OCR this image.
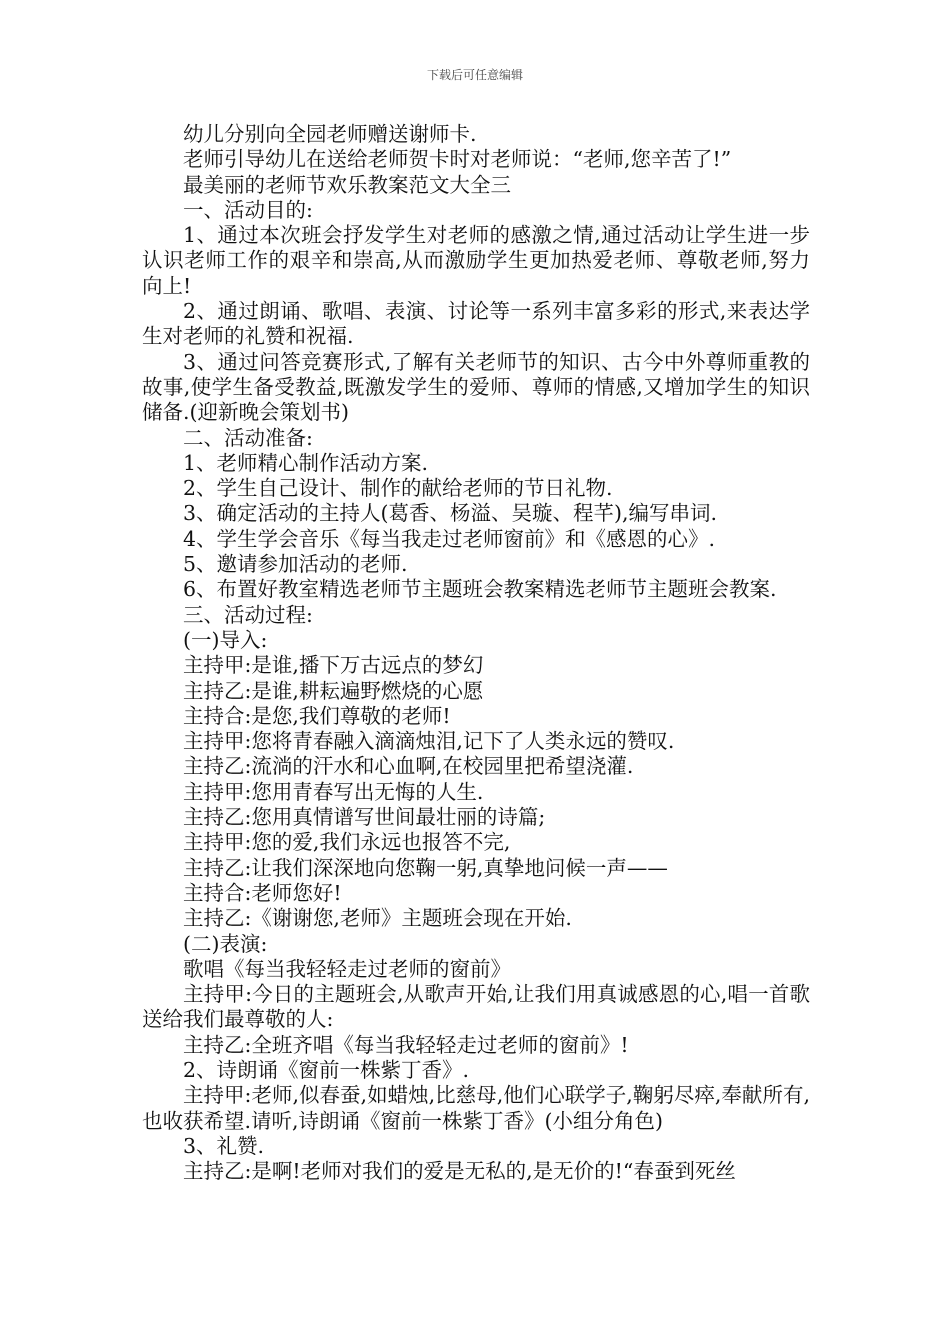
下载后可任意编辑

幼儿分别向全园老师赠送谢师卡.

老师引导幼儿在送给老师贺卡时对老师说：“老师,您辛苦了!”

最美丽的老师节欢乐教案范文大全三

一、活动目的:

1、通过本次班会抒发学生对老师的感激之情,通过活动让学生进一步认识老师工作的艰辛和崇高,从而激励学生更加热爱老师、尊敬老师,努力向上!

2、通过朗诵、歌唱、表演、讨论等一系列丰富多彩的形式,来表达学生对老师的礼赞和祝福.

3、通过问答竞赛形式,了解有关老师节的知识、古今中外尊师重教的故事,使学生备受教益,既激发学生的爱师、尊师的情感,又增加学生的知识储备.(迎新晚会策划书)

二、活动准备:

1、老师精心制作活动方案.

2、学生自己设计、制作的献给老师的节日礼物.

3、确定活动的主持人(葛香、杨溢、吴璇、程芊),编写串词.

4、学生学会音乐《每当我走过老师窗前》和《感恩的心》.

5、邀请参加活动的老师.

6、布置好教室精选老师节主题班会教案精选老师节主题班会教案.

三、活动过程:

(一)导入:

主持甲:是谁,播下万古远点的梦幻

主持乙:是谁,耕耘遍野燃烧的心愿

主持合:是您,我们尊敬的老师!

主持甲:您将青春融入滴滴烛泪,记下了人类永远的赞叹.

主持乙:流淌的汗水和心血啊,在校园里把希望浇灌.

主持甲:您用青春写出无悔的人生.

主持乙:您用真情谱写世间最壮丽的诗篇;

主持甲:您的爱,我们永远也报答不完,

主持乙:让我们深深地向您鞠一躬,真挚地问候一声——

主持合:老师您好!

主持乙:《谢谢您,老师》主题班会现在开始.

(二)表演:

歌唱《每当我轻轻走过老师的窗前》

主持甲:今日的主题班会,从歌声开始,让我们用真诚感恩的心,唱一首歌送给我们最尊敬的人:

主持乙:全班齐唱《每当我轻轻走过老师的窗前》!

2、诗朗诵《窗前一株紫丁香》.

主持甲:老师,似春蚕,如蜡烛,比慈母,他们心联学子,鞠躬尽瘁,奉献所有,也收获希望.请听,诗朗诵《窗前一株紫丁香》(小组分角色)

3、礼赞.

主持乙:是啊!老师对我们的爱是无私的,是无价的!“春蚕到死丝
